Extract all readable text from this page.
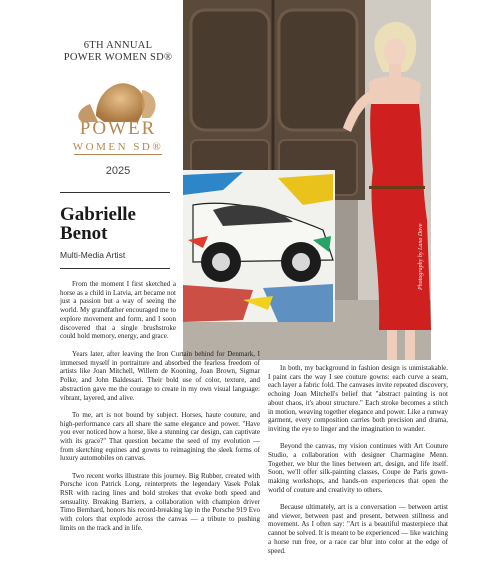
6TH ANNUAL
POWER WOMEN SD®
POWER
WOMEN SD®
2025
Gabrielle
Benot
Multi-Media Artist	Photography by Lana Dove

From the moment I first sketched a horse as a child in Latvia, art became not just a passion but a way of seeing the world. My grandfather encouraged me to explore movement and form, and I soon discovered that a single brushstroke could hold memory, energy, and grace.

Years later, after leaving the Iron Curtain behind for Denmark, I immersed myself in portraiture and absorbed the fearless freedom of artists like Joan Mitchell, Willem de Kooning, Joan Brown, Sigmar Polke, and John Baldessari. Their bold use of color, texture, and abstraction gave me the courage to create in my own visual language: vibrant, layered, and alive.

To me, art is not bound by subject. Horses, haute couture, and high-performance cars all share the same elegance and power. "Have you ever noticed how a horse, like a stunning car design, can captivate with its grace?" That question became the seed of my evolution — from sketching equines and gowns to reimagining the sleek forms of luxury automobiles on canvas.

Two recent works illustrate this journey. Big Rubber, created with Porsche icon Patrick Long, reinterprets the legendary Vasek Polak RSR with racing lines and bold strokes that evoke both speed and sensuality. Breaking Barriers, a collaboration with champion driver Timo Bernhard, honors his record-breaking lap in the Porsche 919 Evo with colors that explode across the canvas — a tribute to pushing limits on the track and in life.

In both, my background in fashion design is unmistakable. I paint cars the way I see couture gowns: each curve a seam, each layer a fabric fold. The canvases invite repeated discovery, echoing Joan Mitchell's belief that "abstract painting is not about chaos, it's about structure." Each stroke becomes a stitch in motion, weaving together elegance and power. Like a runway garment, every composition carries both precision and drama, inviting the eye to linger and the imagination to wander.

Beyond the canvas, my vision continues with Art Couture Studio, a collaboration with designer Charmagine Menn. Together, we blur the lines between art, design, and life itself. Soon, we'll offer silk-painting classes, Coupe de Paris gown-making workshops, and hands-on experiences that open the world of couture and creativity to others.

Because ultimately, art is a conversation — between artist and viewer, between past and present, between stillness and movement. As I often say: "Art is a beautiful masterpiece that cannot be solved. It is meant to be experienced — like watching a horse run free, or a race car blur into color at the edge of speed.
